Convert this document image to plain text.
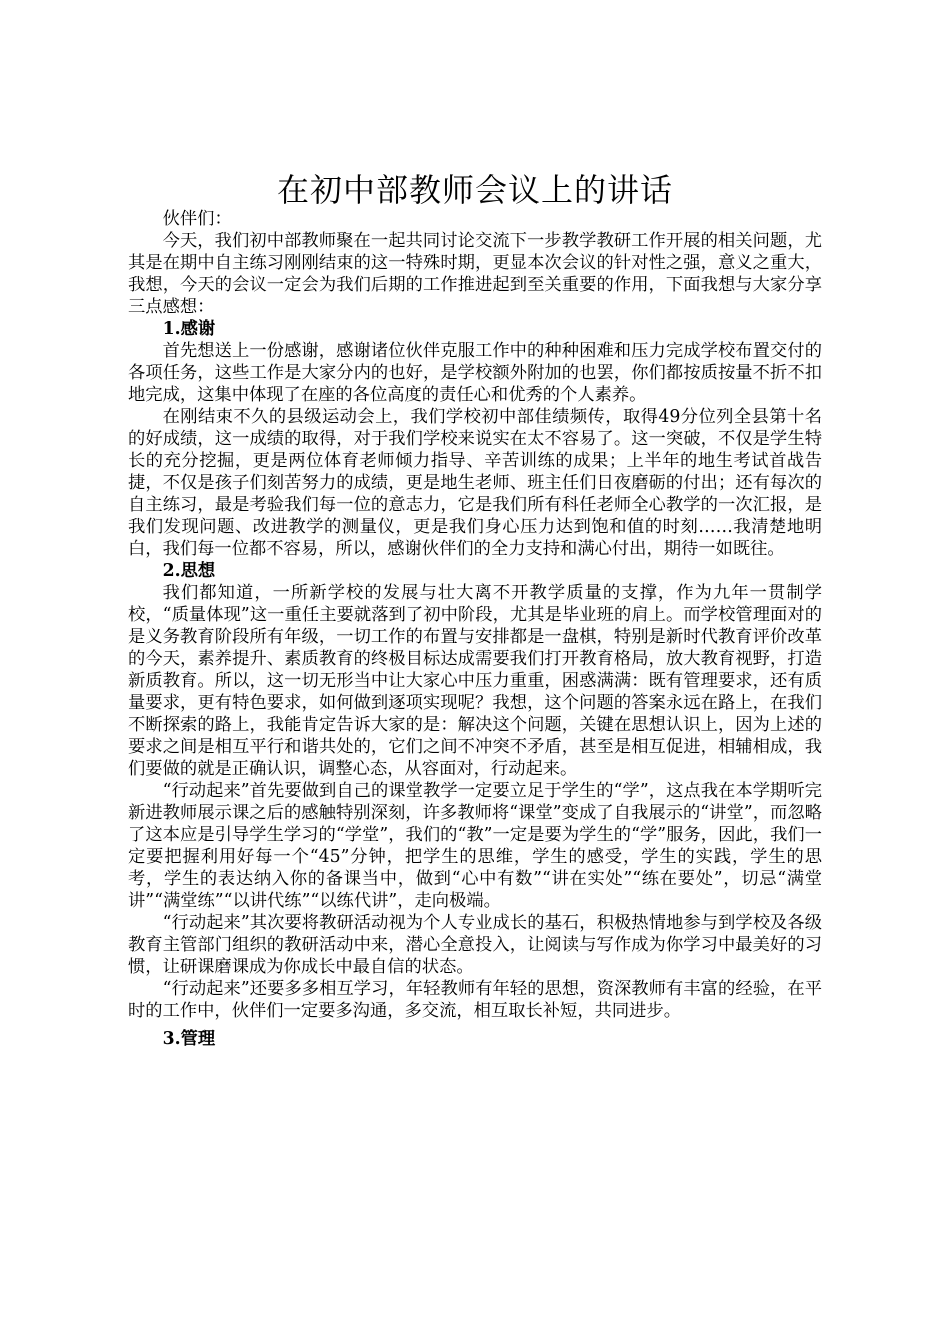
在初中部教师会议上的讲话

伙伴们：

今天，我们初中部教师聚在一起共同讨论交流下一步教学教研工作开展的相关问题，尤其是在期中自主练习刚刚结束的这一特殊时期，更显本次会议的针对性之强，意义之重大，我想，今天的会议一定会为我们后期的工作推进起到至关重要的作用，下面我想与大家分享三点感想：

1.感谢

首先想送上一份感谢，感谢诸位伙伴克服工作中的种种困难和压力完成学校布置交付的各项任务，这些工作是大家分内的也好，是学校额外附加的也罢，你们都按质按量不折不扣地完成，这集中体现了在座的各位高度的责任心和优秀的个人素养。

在刚结束不久的县级运动会上，我们学校初中部佳绩频传，取得49分位列全县第十名的好成绩，这一成绩的取得，对于我们学校来说实在太不容易了。这一突破，不仅是学生特长的充分挖掘，更是两位体育老师倾力指导、辛苦训练的成果；上半年的地生考试首战告捷，不仅是孩子们刻苦努力的成绩，更是地生老师、班主任们日夜磨砺的付出；还有每次的自主练习，最是考验我们每一位的意志力，它是我们所有科任老师全心教学的一次汇报，是我们发现问题、改进教学的测量仪，更是我们身心压力达到饱和值的时刻……我清楚地明白，我们每一位都不容易，所以，感谢伙伴们的全力支持和满心付出，期待一如既往。

2.思想

我们都知道，一所新学校的发展与壮大离不开教学质量的支撑，作为九年一贯制学校，“质量体现”这一重任主要就落到了初中阶段，尤其是毕业班的肩上。而学校管理面对的是义务教育阶段所有年级，一切工作的布置与安排都是一盘棋，特别是新时代教育评价改革的今天，素养提升、素质教育的终极目标达成需要我们打开教育格局，放大教育视野，打造新质教育。所以，这一切无形当中让大家心中压力重重，困惑满满：既有管理要求，还有质量要求，更有特色要求，如何做到逐项实现呢？我想，这个问题的答案永远在路上，在我们不断探索的路上，我能肯定告诉大家的是：解决这个问题，关键在思想认识上，因为上述的要求之间是相互平行和谐共处的，它们之间不冲突不矛盾，甚至是相互促进，相辅相成，我们要做的就是正确认识，调整心态，从容面对，行动起来。

“行动起来”首先要做到自己的课堂教学一定要立足于学生的“学”，这点我在本学期听完新进教师展示课之后的感触特别深刻，许多教师将“课堂”变成了自我展示的“讲堂”，而忽略了这本应是引导学生学习的“学堂”，我们的“教”一定是要为学生的“学”服务，因此，我们一定要把握利用好每一个“45”分钟，把学生的思维，学生的感受，学生的实践，学生的思考，学生的表达纳入你的备课当中，做到“心中有数”“讲在实处”“练在要处”，切忌“满堂讲”“满堂练”“以讲代练”“以练代讲”，走向极端。

“行动起来”其次要将教研活动视为个人专业成长的基石，积极热情地参与到学校及各级教育主管部门组织的教研活动中来，潜心全意投入，让阅读与写作成为你学习中最美好的习惯，让研课磨课成为你成长中最自信的状态。

“行动起来”还要多多相互学习，年轻教师有年轻的思想，资深教师有丰富的经验，在平时的工作中，伙伴们一定要多沟通，多交流，相互取长补短，共同进步。

3.管理
